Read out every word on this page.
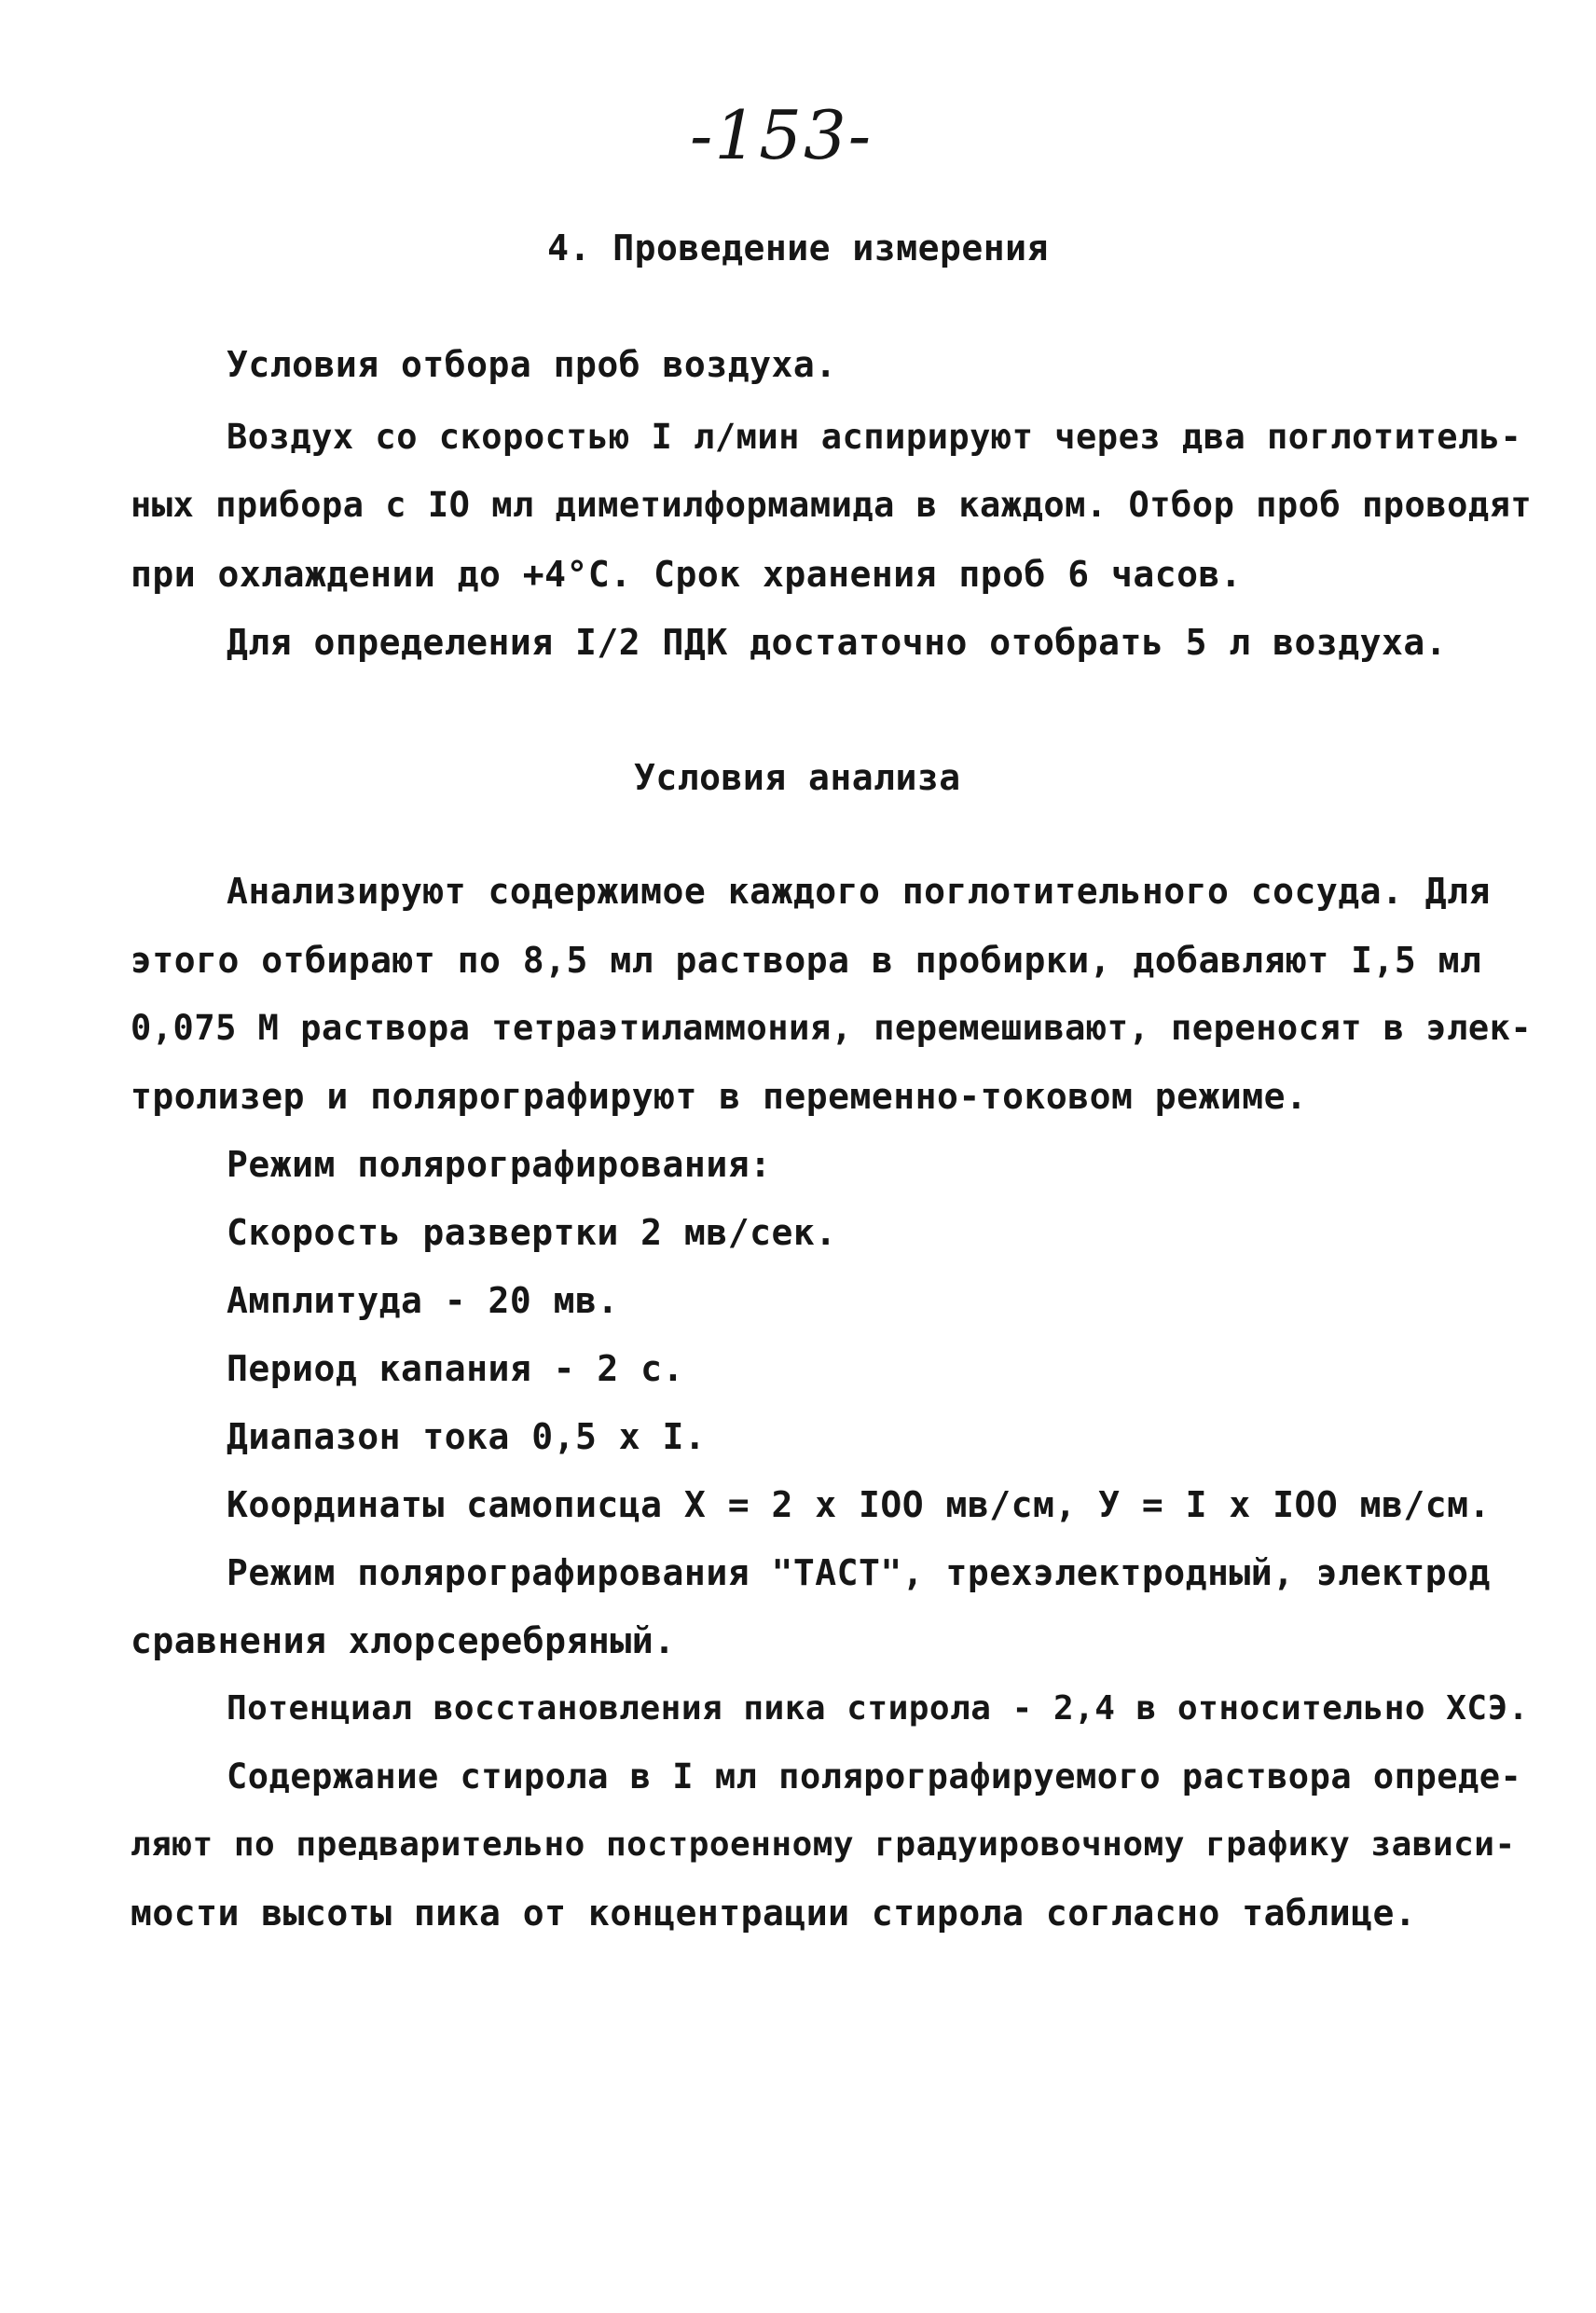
-153-
4. Проведение измерения
Условия отбора проб воздуха.
Воздух со скоростью I л/мин аспирируют через два поглотитель-
ных прибора с IO мл диметилформамида в каждом. Отбор проб проводят
при охлаждении до +4°C. Срок хранения проб 6 часов.
Для определения I/2 ПДК достаточно отобрать 5 л воздуха.
Условия анализа
Анализируют содержимое каждого поглотительного сосуда. Для
этого отбирают по 8,5 мл раствора в пробирки, добавляют I,5 мл
0,075 М раствора тетраэтиламмония, перемешивают, переносят в элек-
тролизер и полярографируют в переменно-токовом режиме.
Режим полярографирования:
Скорость развертки 2 мв/сек.
Амплитуда - 20 мв.
Период капания - 2 с.
Диапазон тока 0,5 x I.
Координаты самописца X = 2 x IOO мв/см, У = I x IOO мв/см.
Режим полярографирования "ТАСТ", трехэлектродный, электрод
сравнения хлорсеребряный.
Потенциал восстановления пика стирола - 2,4 в относительно ХСЭ.
Содержание стирола в I мл полярографируемого раствора опреде-
ляют по предварительно построенному градуировочному графику зависи-
мости высоты пика от концентрации стирола согласно таблице.
